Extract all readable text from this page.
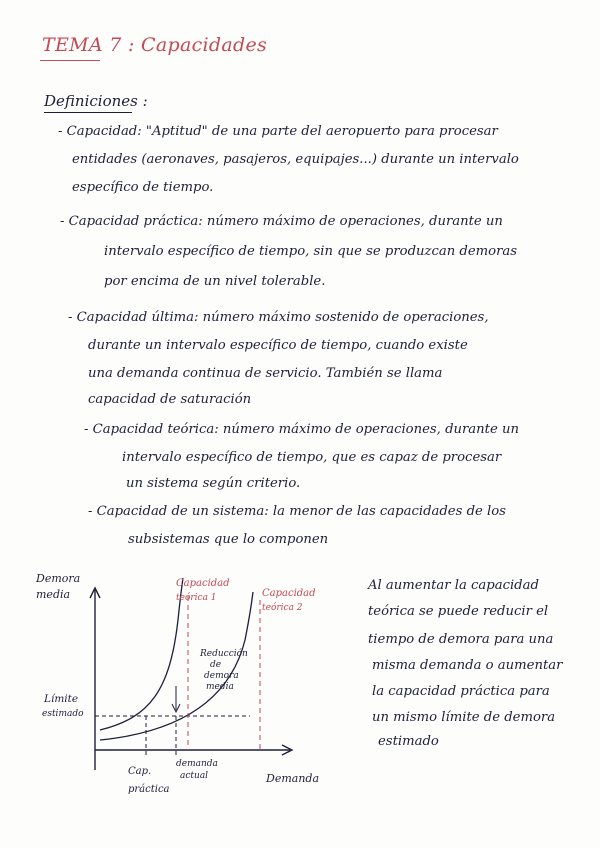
TEMA 7 : Capacidades
Definiciones :
- Capacidad: "Aptitud" de una parte del aeropuerto para procesar
entidades (aeronaves, pasajeros, equipajes...) durante un intervalo
específico de tiempo.
- Capacidad práctica: número máximo de operaciones, durante un
intervalo específico de tiempo, sin que se produzcan demoras
por encima de un nivel tolerable.
- Capacidad última: número máximo sostenido de operaciones,
durante un intervalo específico de tiempo, cuando existe
una demanda continua de servicio. También se llama
capacidad de saturación
- Capacidad teórica: número máximo de operaciones, durante un
intervalo específico de tiempo, que es capaz de procesar
un sistema según criterio.
- Capacidad de un sistema: la menor de las capacidades de los
subsistemas que lo componen
Demora
media
Demanda
Límite
estimado
Capacidad
teórica 1	Capacidad
teórica 2
Reducción
de
demora
media
Cap.
práctica
demanda
actual
Al aumentar la capacidad
teórica se puede reducir el
tiempo de demora para una
misma demanda o aumentar
la capacidad práctica para
un mismo límite de demora
estimado
